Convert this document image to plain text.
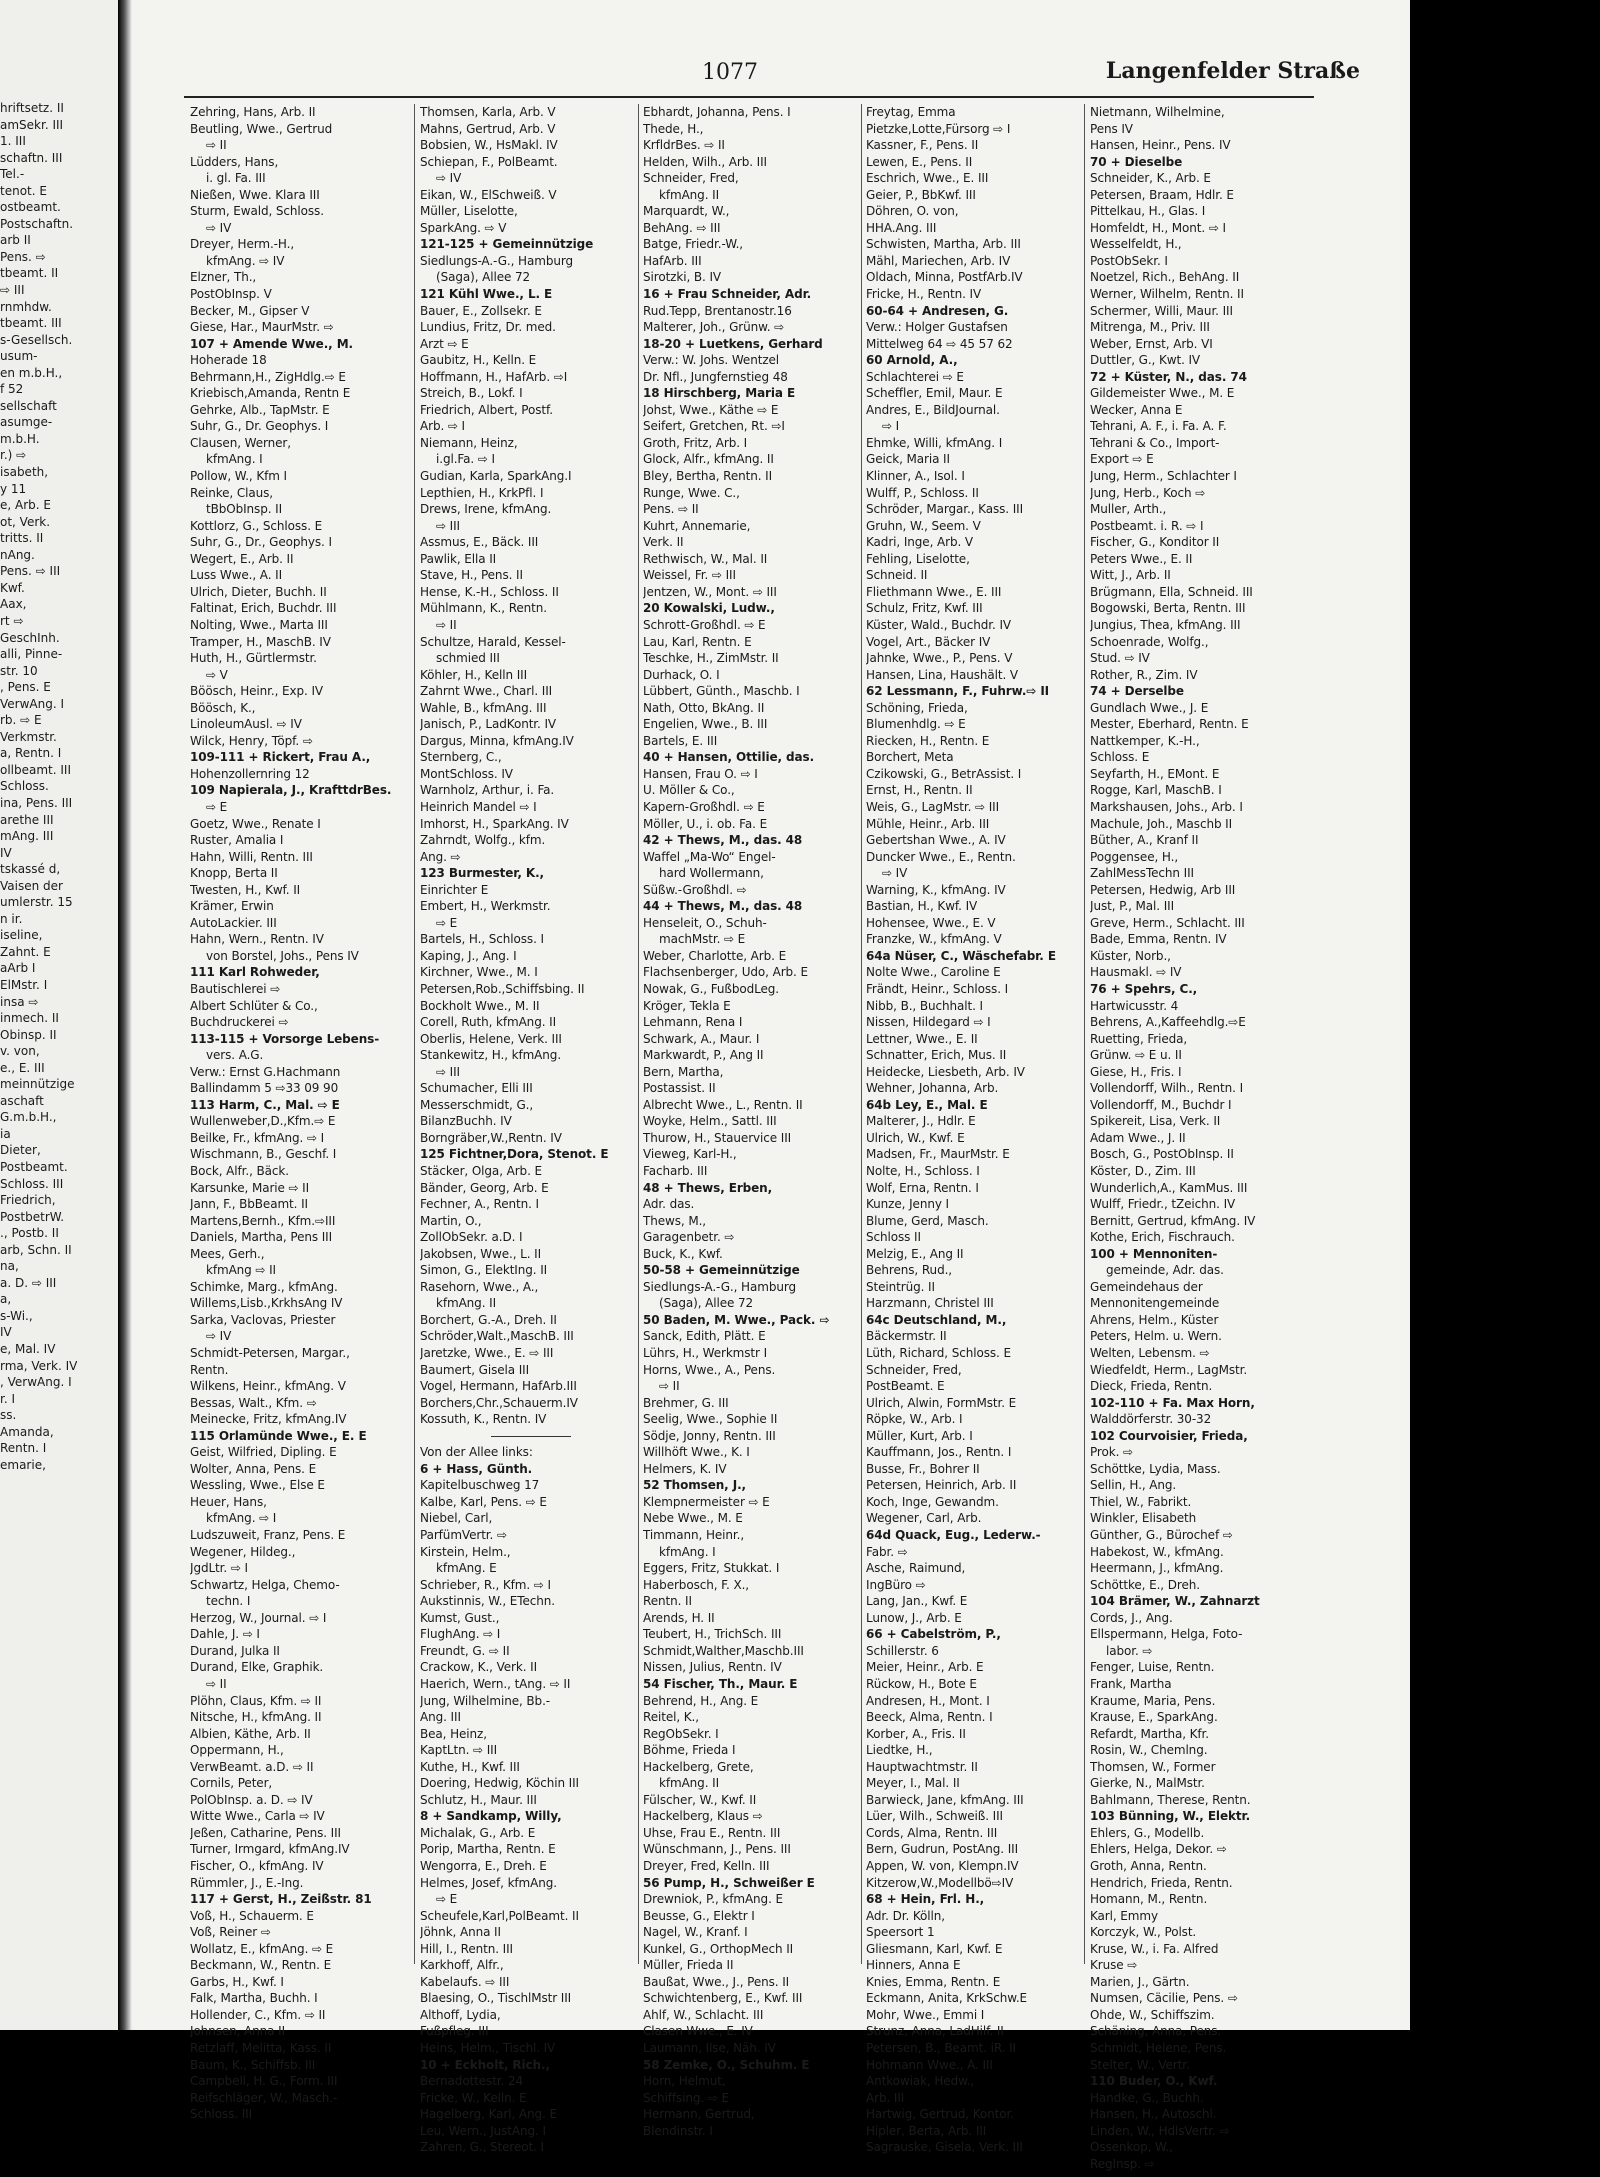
hriftsetz. II
amSekr. III
1. III
schaftn. III
Tel.-
tenot. E
ostbeamt.
Postschaftn.
arb II
Pens. ⇨
tbeamt. II
⇨ III
rnmhdw.
tbeamt. III
s-Gesellsch.
usum-
en m.b.H.,
f 52
sellschaft
asumge-
m.b.H.
r.) ⇨
isabeth,
y 11
e, Arb. E
ot, Verk.
tritts. II
nAng.
Pens. ⇨ III
Kwf.
Aax,
rt ⇨
GeschInh.
alli, Pinne-
str. 10
, Pens. E
VerwAng. I
rb. ⇨ E
Verkmstr.
a, Rentn. I
ollbeamt. III
Schloss.
ina, Pens. III
arethe III
mAng. III
IV
tskassé d,
Vaisen der
umlerstr. 15
n ir.
iseline,
Zahnt. E
aArb I
ElMstr. I
insa ⇨
inmech. II
Obinsp. II
v. von,
e., E. III
meinnützige
aschaft
G.m.b.H.,
ia
Dieter,
Postbeamt.
Schloss. III
Friedrich,
PostbetrW.
., Postb. II
arb, Schn. II
na,
a. D. ⇨ III
a,
s-Wi.,
IV
e, Mal. IV
rma, Verk. IV
, VerwAng. I
r. I
ss.
Amanda,
Rentn. I
emarie,
1077	Langenfelder Straße
Zehring, Hans, Arb. II
Beutling, Wwe., Gertrud
⇨ II
Lüdders, Hans,
i. gl. Fa. III
Nießen, Wwe. Klara III
Sturm, Ewald, Schloss.
⇨ IV
Dreyer, Herm.-H.,
kfmAng. ⇨ IV
Elzner, Th.,
PostObInsp. V
Becker, M., Gipser V
Giese, Har., MaurMstr. ⇨
107 + Amende Wwe., M.
Hoherade 18
Behrmann,H., ZigHdlg.⇨ E
Kriebisch,Amanda, Rentn E
Gehrke, Alb., TapMstr. E
Suhr, G., Dr. Geophys. I
Clausen, Werner,
kfmAng. I
Pollow, W., Kfm I
Reinke, Claus,
tBbObInsp. II
Kottlorz, G., Schloss. E
Suhr, G., Dr., Geophys. I
Wegert, E., Arb. II
Luss Wwe., A. II
Ulrich, Dieter, Buchh. II
Faltinat, Erich, Buchdr. III
Nolting, Wwe., Marta III
Tramper, H., MaschB. IV
Huth, H., Gürtlermstr.
⇨ V
Böösch, Heinr., Exp. IV
Böösch, K.,
LinoleumAusl. ⇨ IV
Wilck, Henry, Töpf. ⇨
109-111 + Rickert, Frau A.,
Hohenzollernring 12
109 Napierala, J., KrafttdrBes.
⇨ E
Goetz, Wwe., Renate I
Ruster, Amalia I
Hahn, Willi, Rentn. III
Knopp, Berta II
Twesten, H., Kwf. II
Krämer, Erwin
AutoLackier. III
Hahn, Wern., Rentn. IV
von Borstel, Johs., Pens IV
111 Karl Rohweder,
Bautischlerei ⇨
Albert Schlüter & Co.,
Buchdruckerei ⇨
113-115 + Vorsorge Lebens-
vers. A.G.
Verw.: Ernst G.Hachmann
Ballindamm 5 ⇨33 09 90
113 Harm, C., Mal. ⇨ E
Wullenweber,D.,Kfm.⇨ E
Beilke, Fr., kfmAng. ⇨ I
Wischmann, B., Geschf. I
Bock, Alfr., Bäck.
Karsunke, Marie ⇨ II
Jann, F., BbBeamt. II
Martens,Bernh., Kfm.⇨III
Daniels, Martha, Pens III
Mees, Gerh.,
kfmAng ⇨ II
Schimke, Marg., kfmAng.
Willems,Lisb.,KrkhsAng IV
Sarka, Vaclovas, Priester
⇨ IV
Schmidt-Petersen, Margar.,
Rentn.
Wilkens, Heinr., kfmAng. V
Bessas, Walt., Kfm. ⇨
Meinecke, Fritz, kfmAng.IV
115 Orlamünde Wwe., E. E
Geist, Wilfried, Dipling. E
Wolter, Anna, Pens. E
Wessling, Wwe., Else E
Heuer, Hans,
kfmAng. ⇨ I
Ludszuweit, Franz, Pens. E
Wegener, Hildeg.,
JgdLtr. ⇨ I
Schwartz, Helga, Chemo-
techn. I
Herzog, W., Journal. ⇨ I
Dahle, J. ⇨ I
Durand, Julka II
Durand, Elke, Graphik.
⇨ II
Plöhn, Claus, Kfm. ⇨ II
Nitsche, H., kfmAng. II
Albien, Käthe, Arb. II
Oppermann, H.,
VerwBeamt. a.D. ⇨ II
Cornils, Peter,
PolObInsp. a. D. ⇨ IV
Witte Wwe., Carla ⇨ IV
Jeßen, Catharine, Pens. III
Turner, Irmgard, kfmAng.IV
Fischer, O., kfmAng. IV
Rümmler, J., E.-Ing.
117 + Gerst, H., Zeißstr. 81
Voß, H., Schauerm. E
Voß, Reiner ⇨
Wollatz, E., kfmAng. ⇨ E
Beckmann, W., Rentn. E
Garbs, H., Kwf. I
Falk, Martha, Buchh. I
Hollender, C., Kfm. ⇨ II
Johnsen, Anna II
Retzlaff, Melitta, Kass. II
Baum, K., Schiffsb. III
Campbell, H. G., Form. III
Reifschläger, W., Masch.-
Schloss. III
Thomsen, Karla, Arb. V
Mahns, Gertrud, Arb. V
Bobsien, W., HsMakl. IV
Schiepan, F., PolBeamt.
⇨ IV
Eikan, W., ElSchweiß. V
Müller, Liselotte,
SparkAng. ⇨ V
121-125 + Gemeinnützige
Siedlungs-A.-G., Hamburg
(Saga), Allee 72
121 Kühl Wwe., L. E
Bauer, E., Zollsekr. E
Lundius, Fritz, Dr. med.
Arzt ⇨ E
Gaubitz, H., Kelln. E
Hoffmann, H., HafArb. ⇨I
Streich, B., Lokf. I
Friedrich, Albert, Postf.
Arb. ⇨ I
Niemann, Heinz,
i.gl.Fa. ⇨ I
Gudian, Karla, SparkAng.I
Lepthien, H., KrkPfl. I
Drews, Irene, kfmAng.
⇨ III
Assmus, E., Bäck. III
Pawlik, Ella II
Stave, H., Pens. II
Hense, K.-H., Schloss. II
Mühlmann, K., Rentn.
⇨ II
Schultze, Harald, Kessel-
schmied III
Köhler, H., Kelln III
Zahrnt Wwe., Charl. III
Wahle, B., kfmAng. III
Janisch, P., LadKontr. IV
Dargus, Minna, kfmAng.IV
Sternberg, C.,
MontSchloss. IV
Warnholz, Arthur, i. Fa.
Heinrich Mandel ⇨ I
Imhorst, H., SparkAng. IV
Zahrndt, Wolfg., kfm.
Ang. ⇨
123 Burmester, K.,
Einrichter E
Embert, H., Werkmstr.
⇨ E
Bartels, H., Schloss. I
Kaping, J., Ang. I
Kirchner, Wwe., M. I
Petersen,Rob.,Schiffsbing. II
Bockholt Wwe., M. II
Corell, Ruth, kfmAng. II
Oberlis, Helene, Verk. III
Stankewitz, H., kfmAng.
⇨ III
Schumacher, Elli III
Messerschmidt, G.,
BilanzBuchh. IV
Borngräber,W.,Rentn. IV
125 Fichtner,Dora, Stenot. E
Stäcker, Olga, Arb. E
Bänder, Georg, Arb. E
Fechner, A., Rentn. I
Martin, O.,
ZollObSekr. a.D. I
Jakobsen, Wwe., L. II
Simon, G., ElektIng. II
Rasehorn, Wwe., A.,
kfmAng. II
Borchert, G.-A., Dreh. II
Schröder,Walt.,MaschB. III
Jaretzke, Wwe., E. ⇨ III
Baumert, Gisela III
Vogel, Hermann, HafArb.III
Borchers,Chr.,Schauerm.IV
Kossuth, K., Rentn. IV
Von der Allee links:
6 + Hass, Günth.
Kapitelbuschweg 17
Kalbe, Karl, Pens. ⇨ E
Niebel, Carl,
ParfümVertr. ⇨
Kirstein, Helm.,
kfmAng. E
Schrieber, R., Kfm. ⇨ I
Aukstinnis, W., ETechn.
Kumst, Gust.,
FlughAng. ⇨ I
Freundt, G. ⇨ II
Crackow, K., Verk. II
Haerich, Wern., tAng. ⇨ II
Jung, Wilhelmine, Bb.-
Ang. III
Bea, Heinz,
KaptLtn. ⇨ III
Kuthe, H., Kwf. III
Doering, Hedwig, Köchin III
Schlutz, H., Maur. III
8 + Sandkamp, Willy,
Michalak, G., Arb. E
Porip, Martha, Rentn. E
Wengorra, E., Dreh. E
Helmes, Josef, kfmAng.
⇨ E
Scheufele,Karl,PolBeamt. II
Jöhnk, Anna II
Hill, I., Rentn. III
Karkhoff, Alfr.,
Kabelaufs. ⇨ III
Blaesing, O., TischlMstr III
Althoff, Lydia,
Fußpfleg. III
Heins, Helm., Tischl. IV
10 + Eckholt, Rich.,
Bernadottestr. 24
Fricke, W., Kelln. E
Hagelberg, Karl, Ang. E
Leu, Wern., JustAng. I
Zahren, G., Stereot. I
Ebhardt, Johanna, Pens. I
Thede, H.,
KrfldrBes. ⇨ II
Helden, Wilh., Arb. III
Schneider, Fred,
kfmAng. II
Marquardt, W.,
BehAng. ⇨ III
Batge, Friedr.-W.,
HafArb. III
Sirotzki, B. IV
16 + Frau Schneider, Adr.
Rud.Tepp, Brentanostr.16
Malterer, Joh., Grünw. ⇨
18-20 + Luetkens, Gerhard
Verw.: W. Johs. Wentzel
Dr. Nfl., Jungfernstieg 48
18 Hirschberg, Maria E
Johst, Wwe., Käthe ⇨ E
Seifert, Gretchen, Rt. ⇨I
Groth, Fritz, Arb. I
Glock, Alfr., kfmAng. II
Bley, Bertha, Rentn. II
Runge, Wwe. C.,
Pens. ⇨ II
Kuhrt, Annemarie,
Verk. II
Rethwisch, W., Mal. II
Weissel, Fr. ⇨ III
Jentzen, W., Mont. ⇨ III
20 Kowalski, Ludw.,
Schrott-Großhdl. ⇨ E
Lau, Karl, Rentn. E
Teschke, H., ZimMstr. II
Durhack, O. I
Lübbert, Günth., Maschb. I
Nath, Otto, BkAng. II
Engelien, Wwe., B. III
Bartels, E. III
40 + Hansen, Ottilie, das.
Hansen, Frau O. ⇨ I
U. Möller & Co.,
Kapern-Großhdl. ⇨ E
Möller, U., i. ob. Fa. E
42 + Thews, M., das. 48
Waffel „Ma-Wo“ Engel-
hard Wollermann,
Süßw.-Großhdl. ⇨
44 + Thews, M., das. 48
Henseleit, O., Schuh-
machMstr. ⇨ E
Weber, Charlotte, Arb. E
Flachsenberger, Udo, Arb. E
Nowak, G., FußbodLeg.
Kröger, Tekla E
Lehmann, Rena I
Schwark, A., Maur. I
Markwardt, P., Ang II
Bern, Martha,
Postassist. II
Albrecht Wwe., L., Rentn. II
Woyke, Helm., Sattl. III
Thurow, H., Stauervice III
Vieweg, Karl-H.,
Facharb. III
48 + Thews, Erben,
Adr. das.
Thews, M.,
Garagenbetr. ⇨
Buck, K., Kwf.
50-58 + Gemeinnützige
Siedlungs-A.-G., Hamburg
(Saga), Allee 72
50 Baden, M. Wwe., Pack. ⇨
Sanck, Edith, Plätt. E
Lührs, H., Werkmstr I
Horns, Wwe., A., Pens.
⇨ II
Brehmer, G. III
Seelig, Wwe., Sophie II
Södje, Jonny, Rentn. III
Willhöft Wwe., K. I
Helmers, K. IV
52 Thomsen, J.,
Klempnermeister ⇨ E
Nebe Wwe., M. E
Timmann, Heinr.,
kfmAng. I
Eggers, Fritz, Stukkat. I
Haberbosch, F. X.,
Rentn. II
Arends, H. II
Teubert, H., TrichSch. III
Schmidt,Walther,Maschb.III
Nissen, Julius, Rentn. IV
54 Fischer, Th., Maur. E
Behrend, H., Ang. E
Reitel, K.,
RegObSekr. I
Böhme, Frieda I
Hackelberg, Grete,
kfmAng. II
Fülscher, W., Kwf. II
Hackelberg, Klaus ⇨
Uhse, Frau E., Rentn. III
Wünschmann, J., Pens. III
Dreyer, Fred, Kelln. III
56 Pump, H., Schweißer E
Drewniok, P., kfmAng. E
Beusse, G., Elektr I
Nagel, W., Kranf. I
Kunkel, G., OrthopMech II
Müller, Frieda II
Baußat, Wwe., J., Pens. II
Schwichtenberg, E., Kwf. III
Ahlf, W., Schlacht. III
Clasen Wwe., E. IV
Laumann, Ilse, Näh. IV
58 Zemke, O., Schuhm. E
Horn, Helmut,
Schiffsing. ⇨ E
Hermann, Gertrud,
Blendinstr. I
Freytag, Emma
Pietzke,Lotte,Fürsorg ⇨ I
Kassner, F., Pens. II
Lewen, E., Pens. II
Eschrich, Wwe., E. III
Geier, P., BbKwf. III
Döhren, O. von,
HHA.Ang. III
Schwisten, Martha, Arb. III
Mähl, Mariechen, Arb. IV
Oldach, Minna, PostfArb.IV
Fricke, H., Rentn. IV
60-64 + Andresen, G.
Verw.: Holger Gustafsen
Mittelweg 64 ⇨ 45 57 62
60 Arnold, A.,
Schlachterei ⇨ E
Scheffler, Emil, Maur. E
Andres, E., BildJournal.
⇨ I
Ehmke, Willi, kfmAng. I
Geick, Maria II
Klinner, A., Isol. I
Wulff, P., Schloss. II
Schröder, Margar., Kass. III
Gruhn, W., Seem. V
Kadri, Inge, Arb. V
Fehling, Liselotte,
Schneid. II
Fliethmann Wwe., E. III
Schulz, Fritz, Kwf. III
Küster, Wald., Buchdr. IV
Vogel, Art., Bäcker IV
Jahnke, Wwe., P., Pens. V
Hansen, Lina, Haushält. V
62 Lessmann, F., Fuhrw.⇨ II
Schöning, Frieda,
Blumenhdlg. ⇨ E
Riecken, H., Rentn. E
Borchert, Meta
Czikowski, G., BetrAssist. I
Ernst, H., Rentn. II
Weis, G., LagMstr. ⇨ III
Mühle, Heinr., Arb. III
Gebertshan Wwe., A. IV
Duncker Wwe., E., Rentn.
⇨ IV
Warning, K., kfmAng. IV
Bastian, H., Kwf. IV
Hohensee, Wwe., E. V
Franzke, W., kfmAng. V
64a Nüser, C., Wäschefabr. E
Nolte Wwe., Caroline E
Frändt, Heinr., Schloss. I
Nibb, B., Buchhalt. I
Nissen, Hildegard ⇨ I
Lettner, Wwe., E. II
Schnatter, Erich, Mus. II
Heidecke, Liesbeth, Arb. IV
Wehner, Johanna, Arb.
64b Ley, E., Mal. E
Malterer, J., Hdlr. E
Ulrich, W., Kwf. E
Madsen, Fr., MaurMstr. E
Nolte, H., Schloss. I
Wolf, Erna, Rentn. I
Kunze, Jenny I
Blume, Gerd, Masch.
Schloss II
Melzig, E., Ang II
Behrens, Rud.,
Steintrüg. II
Harzmann, Christel III
64c Deutschland, M.,
Bäckermstr. II
Lüth, Richard, Schloss. E
Schneider, Fred,
PostBeamt. E
Ulrich, Alwin, FormMstr. E
Röpke, W., Arb. I
Müller, Kurt, Arb. I
Kauffmann, Jos., Rentn. I
Busse, Fr., Bohrer II
Petersen, Heinrich, Arb. II
Koch, Inge, Gewandm.
Wegener, Carl, Arb.
64d Quack, Eug., Lederw.-
Fabr. ⇨
Asche, Raimund,
IngBüro ⇨
Lang, Jan., Kwf. E
Lunow, J., Arb. E
66 + Cabelström, P.,
Schillerstr. 6
Meier, Heinr., Arb. E
Rückow, H., Bote E
Andresen, H., Mont. I
Beeck, Alma, Rentn. I
Korber, A., Fris. II
Liedtke, H.,
Hauptwachtmstr. II
Meyer, I., Mal. II
Barwieck, Jane, kfmAng. III
Lüer, Wilh., Schweiß. III
Cords, Alma, Rentn. III
Bern, Gudrun, PostAng. III
Appen, W. von, Klempn.IV
Kitzerow,W.,Modellbö⇨IV
68 + Hein, Frl. H.,
Adr. Dr. Kölln,
Speersort 1
Gliesmann, Karl, Kwf. E
Hinners, Anna E
Knies, Emma, Rentn. E
Eckmann, Anita, KrkSchw.E
Mohr, Wwe., Emmi I
Strunz, Anna, LadHilf. II
Petersen, B., Beamt. iR. II
Hohmann Wwe., A. III
Antkowiak, Hedw.,
Arb. III
Hartwig, Gertrud, Kontor.
Hipler, Berta, Arb. III
Sagrauske, Gisela, Verk. III
Nietmann, Wilhelmine,
Pens IV
Hansen, Heinr., Pens. IV
70 + Dieselbe
Schneider, K., Arb. E
Petersen, Braam, Hdlr. E
Pittelkau, H., Glas. I
Homfeldt, H., Mont. ⇨ I
Wesselfeldt, H.,
PostObSekr. I
Noetzel, Rich., BehAng. II
Werner, Wilhelm, Rentn. II
Schermer, Willi, Maur. III
Mitrenga, M., Priv. III
Weber, Ernst, Arb. VI
Duttler, G., Kwt. IV
72 + Küster, N., das. 74
Gildemeister Wwe., M. E
Wecker, Anna E
Tehrani, A. F., i. Fa. A. F.
Tehrani & Co., Import-
Export ⇨ E
Jung, Herm., Schlachter I
Jung, Herb., Koch ⇨
Muller, Arth.,
Postbeamt. i. R. ⇨ I
Fischer, G., Konditor II
Peters Wwe., E. II
Witt, J., Arb. II
Brügmann, Ella, Schneid. III
Bogowski, Berta, Rentn. III
Jungius, Thea, kfmAng. III
Schoenrade, Wolfg.,
Stud. ⇨ IV
Rother, R., Zim. IV
74 + Derselbe
Gundlach Wwe., J. E
Mester, Eberhard, Rentn. E
Nattkemper, K.-H.,
Schloss. E
Seyfarth, H., EMont. E
Rogge, Karl, MaschB. I
Markshausen, Johs., Arb. I
Machule, Joh., Maschb II
Büther, A., Kranf II
Poggensee, H.,
ZahlMessTechn III
Petersen, Hedwig, Arb III
Just, P., Mal. III
Greve, Herm., Schlacht. III
Bade, Emma, Rentn. IV
Küster, Norb.,
Hausmakl. ⇨ IV
76 + Spehrs, C.,
Hartwicusstr. 4
Behrens, A.,Kaffeehdlg.⇨E
Ruetting, Frieda,
Grünw. ⇨ E u. II
Giese, H., Fris. I
Vollendorff, Wilh., Rentn. I
Vollendorff, M., Buchdr I
Spikereit, Lisa, Verk. II
Adam Wwe., J. II
Bosch, G., PostObInsp. II
Köster, D., Zim. III
Wunderlich,A., KamMus. III
Wulff, Friedr., tZeichn. IV
Bernitt, Gertrud, kfmAng. IV
Kothe, Erich, Fischrauch.
100 + Mennoniten-
gemeinde, Adr. das.
Gemeindehaus der
Mennonitengemeinde
Ahrens, Helm., Küster
Peters, Helm. u. Wern.
Welten, Lebensm. ⇨
Wiedfeldt, Herm., LagMstr.
Dieck, Frieda, Rentn.
102-110 + Fa. Max Horn,
Walddörferstr. 30-32
102 Courvoisier, Frieda,
Prok. ⇨
Schöttke, Lydia, Mass.
Sellin, H., Ang.
Thiel, W., Fabrikt.
Winkler, Elisabeth
Günther, G., Bürochef ⇨
Habekost, W., kfmAng.
Heermann, J., kfmAng.
Schöttke, E., Dreh.
104 Brämer, W., Zahnarzt
Cords, J., Ang.
Ellspermann, Helga, Foto-
labor. ⇨
Fenger, Luise, Rentn.
Frank, Martha
Kraume, Maria, Pens.
Krause, E., SparkAng.
Refardt, Martha, Kfr.
Rosin, W., Chemlng.
Thomsen, W., Former
Gierke, N., MalMstr.
Bahlmann, Therese, Rentn.
103 Bünning, W., Elektr.
Ehlers, G., Modellb.
Ehlers, Helga, Dekor. ⇨
Groth, Anna, Rentn.
Hendrich, Frieda, Rentn.
Homann, M., Rentn.
Karl, Emmy
Korczyk, W., Polst.
Kruse, W., i. Fa. Alfred
Kruse ⇨
Marien, J., Gärtn.
Numsen, Cäcilie, Pens. ⇨
Ohde, W., Schiffszim.
Schäning, Anna, Pens.
Schmidt, Helene, Pens.
Stelter, W., Vertr.
110 Buder, O., Kwf.
Handke, G., Buchh.
Hansen, H., Autoschl.
Linden, W., HdlsVertr. ⇨
Ossenkop, W.,
RegInsp. ⇨
